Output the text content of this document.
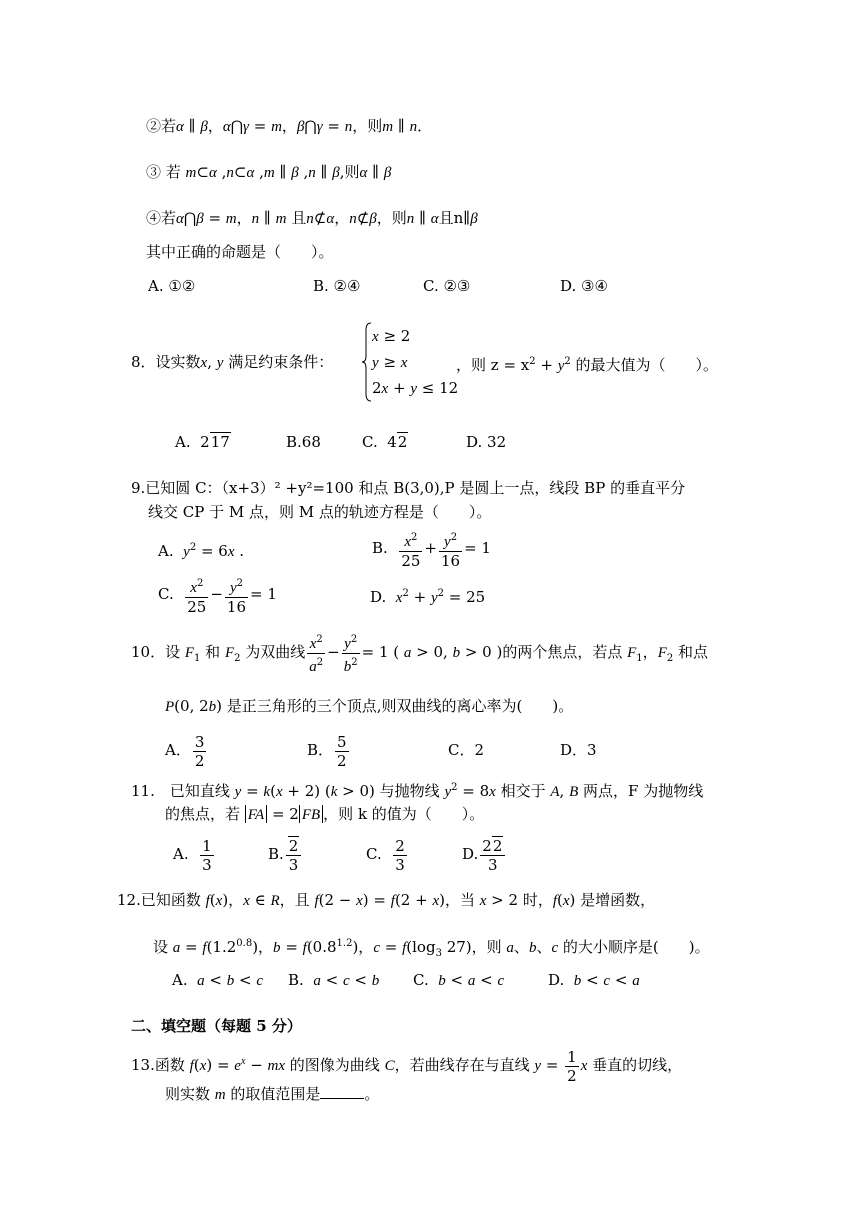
②若α ∥ β，α⋂γ = m，β⋂γ = n，则m ∥ n．
③ 若 m⊂α ,n⊂α ,m ∥ β ,n ∥ β,则α ∥ β
④若α⋂β = m，n ∥ m 且n⊄α，n⊄β，则n ∥ α且n∥β
其中正确的命题是（　　）。
A. ①②	B. ②④	C. ②③	D. ③④
8．设实数x, y 满足约束条件：
x ≥ 2
y ≥ x
2x + y ≤ 12
，则 $z = x^2 + y^2$ 的最大值为（　　）。
A.  217	B.68	C.  42	D. 32
9.已知圆 C：（x+3）² +y²=100 和点 B(3,0),P 是圆上一点，线段 BP 的垂直平分
线交 CP 于 M 点，则 M 点的轨迹方程是（　　）。
A.  $y^2 = 6x$ .	B. $\frac{x^2}{25} + \frac{y^2}{16} = 1$
C. $\frac{x^2}{25} - \frac{y^2}{16} = 1$	D.  $x^2 + y^2 = 25$
10．设 $F_1$ 和 $F_2$ 为双曲线 $\frac{x^2}{a^2} - \frac{y^2}{b^2} = 1$ ( a > 0, b > 0 )的两个焦点，若点 $F_1$，$F_2$ 和点
P(0, 2b) 是正三角形的三个顶点,则双曲线的离心率为(　　)。
A． $\frac{3}{2}$	B． $\frac{5}{2}$	C．2	D．3
11.　已知直线 y = k(x + 2) (k > 0) 与抛物线 $y^2 = 8x$ 相交于 A, B 两点，F 为抛物线
的焦点，若 FA = 2 FB ，则 k 的值为（　　）。
A. $\frac{1}{3}$	B. $\frac{2}{3}$	C. $\frac{2}{3}$	D. $\frac{22}{3}$
12.已知函数 f(x)，x ∈ R，且 f(2 − x) = f(2 + x)，当 x > 2 时，f(x) 是增函数，
设 $a = f(1.2^{0.8})$，$b = f(0.8^{1.2})$，$c = f(\log_3$ 27)，则 a、b、c 的大小顺序是(　　)。
A.  a < b < c B.  a < c < b C.  b < a < c	D.  b < c < a
二、填空题（每题 5 分）
13.函数 $f(x) = e^x$ − mx 的图像为曲线 C，若曲线存在与直线 $y = \frac{1}{2}$ x 垂直的切线，
则实数 m 的取值范围是	。
